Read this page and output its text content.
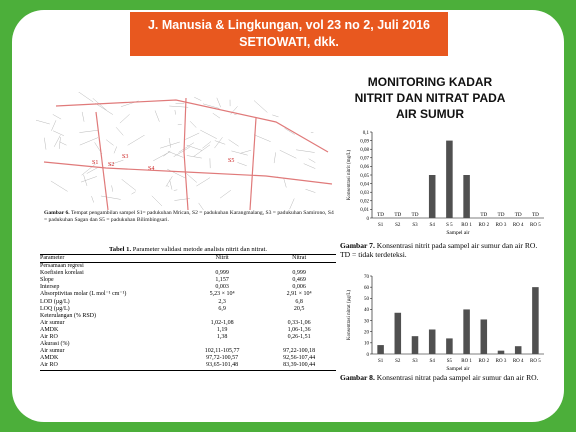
J. Manusia & Lingkungan, vol 23 no 2, Juli 2016
SETIOWATI, dkk.
MONITORING KADAR
NITRIT DAN NITRAT PADA
AIR SUMUR
S1 S2
S3
S4
S5
Gambar 6. Tempat pengambilan sampel S1= padukuhan Mrican, S2 = padukuhan Karangmalang, S3 = padukuhan Samirono, S4 = padukuhan Sagan dan S5 = padukuhan Bilimbingsari.
Tabel 1. Parameter validasi metode analisis nitrit dan nitrat.
Parameter	Nitrit	Nitrat
Persamaan regresi		
Koefisien korelasi	0,999	0,999
Slope	1,157	0,469
Intersep	0,003	0,006
Absorptivitas molar (L mol⁻¹ cm⁻¹)	5,23 × 10⁴	2,91 × 10⁴
LOD (µg/L)	2,3	6,8
LOQ (µg/L)	6,9	20,5
Keterulangan (% RSD)		
Air sumur	1,02-1,08	0,33-1,06
AMDK	1,19	1,06-1,36
Air RO	1,38	0,26-1,51
Akurasi (%)		
Air sumur	102,11-105,77	97,22-100,18
AMDK	97,72-100,57	92,56-107,44
Air RO	93,65-101,48	83,39-100,44
0
0,01
0,02
0,03
0,04
0,05
0,06
0,07
0,08
0,09
0,1
Konsentrasi nitrit (mg/L)
TD
S1
TD
S2
TD
S3 S4 S 5 RO 1
TD
RO 2
TD
RO 3
TD
RO 4
TD
RO 5
Sampel air
Gambar 7. Konsentrasi nitrit pada sampel air sumur dan air RO. TD = tidak terdeteksi.
0
10
20
30
40
50
60
70
Konsentrasi nitrat (µg/L)
S1 S2 S3 S4 S5 RO 1 RO 2 RO 3 RO 4 RO 5
Sampel air
Gambar 8. Konsentrasi nitrat pada sampel air sumur dan air RO.
